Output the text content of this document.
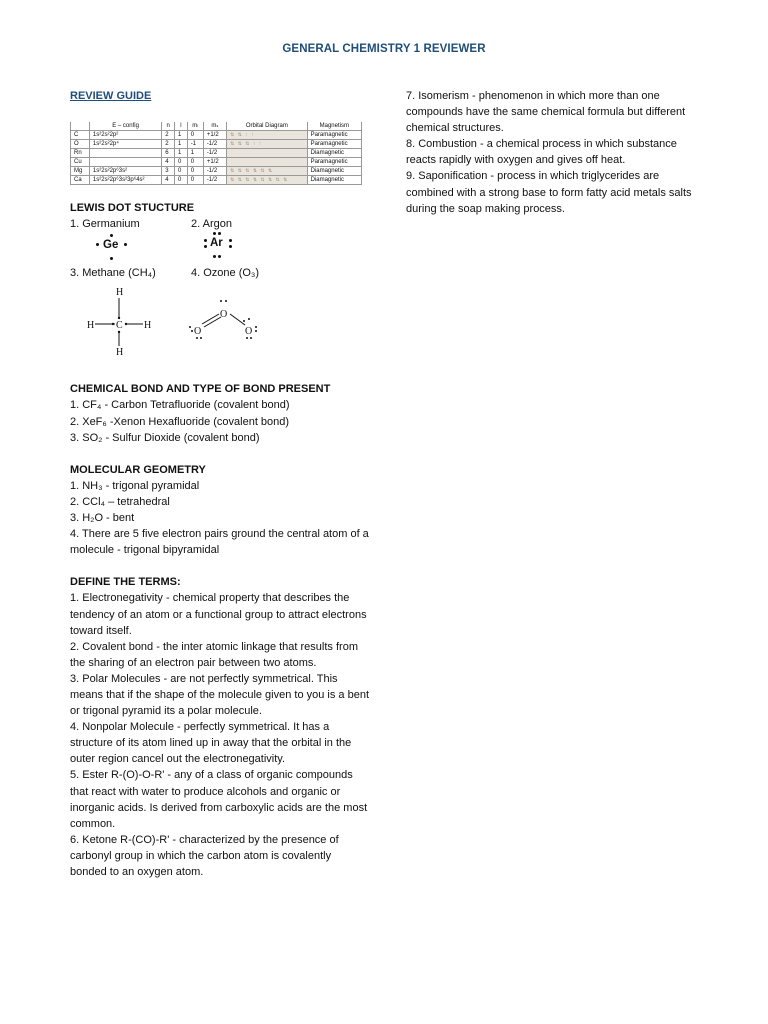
GENERAL CHEMISTRY 1 REVIEWER
REVIEW GUIDE
	E – config	n	l	mₗ	mₛ	Orbital Diagram	Magnetism
C	1s²2s²2p²	2	1	0	+1/2	⇅ ⇅ ↑ ↑	Paramagnetic
O	1s²2s²2p⁴	2	1	-1	-1/2	⇅ ⇅ ⇅ ↑ ↑	Paramagnetic
Rn		6	1	1	-1/2		Diamagnetic
Cu		4	0	0	+1/2		Paramagnetic
Mg	1s²2s²2p⁶3s²	3	0	0	-1/2	⇅ ⇅ ⇅ ⇅ ⇅ ⇅	Diamagnetic
Ca	1s²2s²2p⁶3s²3p⁶4s²	4	0	0	-1/2	⇅ ⇅ ⇅ ⇅ ⇅ ⇅ ⇅ ⇅	Diamagnetic
LEWIS DOT STUCTURE
1. Germanium	2. Argon
Ge	Ar
3. Methane (CH₄)	4. Ozone (O₃)
H
H C H
H
O
O	O
CHEMICAL BOND AND TYPE OF BOND PRESENT

1. CF₄ - Carbon Tetrafluoride (covalent bond)

2. XeF₆ -Xenon Hexafluoride (covalent bond)

3. SO₂ - Sulfur Dioxide (covalent bond)

MOLECULAR GEOMETRY

1. NH₃ - trigonal pyramidal

2. CCl₄ – tetrahedral

3. H₂O - bent

4. There are 5 five electron pairs ground the central atom of a molecule - trigonal bipyramidal

DEFINE THE TERMS:

1. Electronegativity - chemical property that describes the tendency of an atom or a functional group to attract electrons toward itself.

2. Covalent bond - the inter atomic linkage that results from the sharing of an electron pair between two atoms.

3. Polar Molecules - are not perfectly symmetrical. This means that if the shape of the molecule given to you is a bent or trigonal pyramid its a polar molecule.

4. Nonpolar Molecule - perfectly symmetrical. It has a structure of its atom lined up in away that the orbital in the outer region cancel out the electronegativity.

5. Ester R-(O)-O-R' - any of a class of organic compounds that react with water to produce alcohols and organic or inorganic acids. Is derived from carboxylic acids are the most common.

6. Ketone R-(CO)-R' - characterized by the presence of carbonyl group in which the carbon atom is covalently bonded to an oxygen atom.

7. Isomerism - phenomenon in which more than one compounds have the same chemical formula but different chemical structures.

8. Combustion - a chemical process in which substance reacts rapidly with oxygen and gives off heat.

9. Saponification - process in which triglycerides are combined with a strong base to form fatty acid metals salts during the soap making process.
